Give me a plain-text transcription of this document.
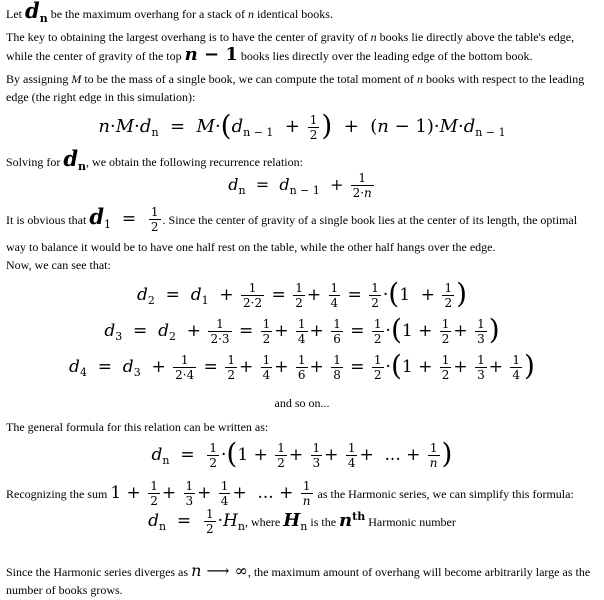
Let $d_n$ be the maximum overhang for a stack of n identical books.
The key to obtaining the largest overhang is to have the center of gravity of n books lie directly above the table's edge, while the center of gravity of the top n − 1 books lies directly over the leading edge of the bottom book.
By assigning M to be the mass of a single book, we can compute the total moment of n books with respect to the leading edge (the right edge in this simulation):
$n\cdot M\cdot d_n = M\cdot(d_{n - 1} + \frac{1}{2}$ )  +  $(n - 1)\cdot M\cdot d_{n - 1}$
Solving for $d_n$, we obtain the following recurrence relation:
$d_n = d_{n - 1} + \frac{1}{2\cdot n}$
It is obvious that $d_1 = \frac{1}{2}$ . Since the center of gravity of a single book lies at the center of its length, the optimal way to balance it would be to have one half rest on the table, while the other half hangs over the edge.
Now, we can see that:
$d_2 = d_1 + \frac{1}{2\cdot 2} = \frac{1}{2} + \frac{1}{4} = \frac{1}{2} \cdot(1 + \frac{1}{2}$ )
$d_3 = d_2 + \frac{1}{2\cdot 3} = \frac{1}{2} + \frac{1}{4} + \frac{1}{6} = \frac{1}{2} \cdot(1 + \frac{1}{2} + \frac{1}{3}$ )
$d_4 = d_3 + \frac{1}{2\cdot 4} = \frac{1}{2} + \frac{1}{4} + \frac{1}{6} + \frac{1}{8} = \frac{1}{2} \cdot(1 + \frac{1}{2} + \frac{1}{3} + \frac{1}{4}$ )
and so on...
The general formula for this relation can be written as:
$d_n = \frac{1}{2} \cdot(1 + \frac{1}{2} + \frac{1}{3} + \frac{1}{4}$ +  ... + $\frac{1}{n}$ )
Recognizing the sum $1 + \frac{1}{2} + \frac{1}{3} + \frac{1}{4}$ +  ... + $\frac{1}{n}$ as the Harmonic series, we can simplify this formula:
$d_n = \frac{1}{2} \cdot H_n$, where $H_n$ is the $n^{th}$ Harmonic number
Since the Harmonic series diverges as n ⟶ ∞, the maximum amount of overhang will become arbitrarily large as the number of books grows.
